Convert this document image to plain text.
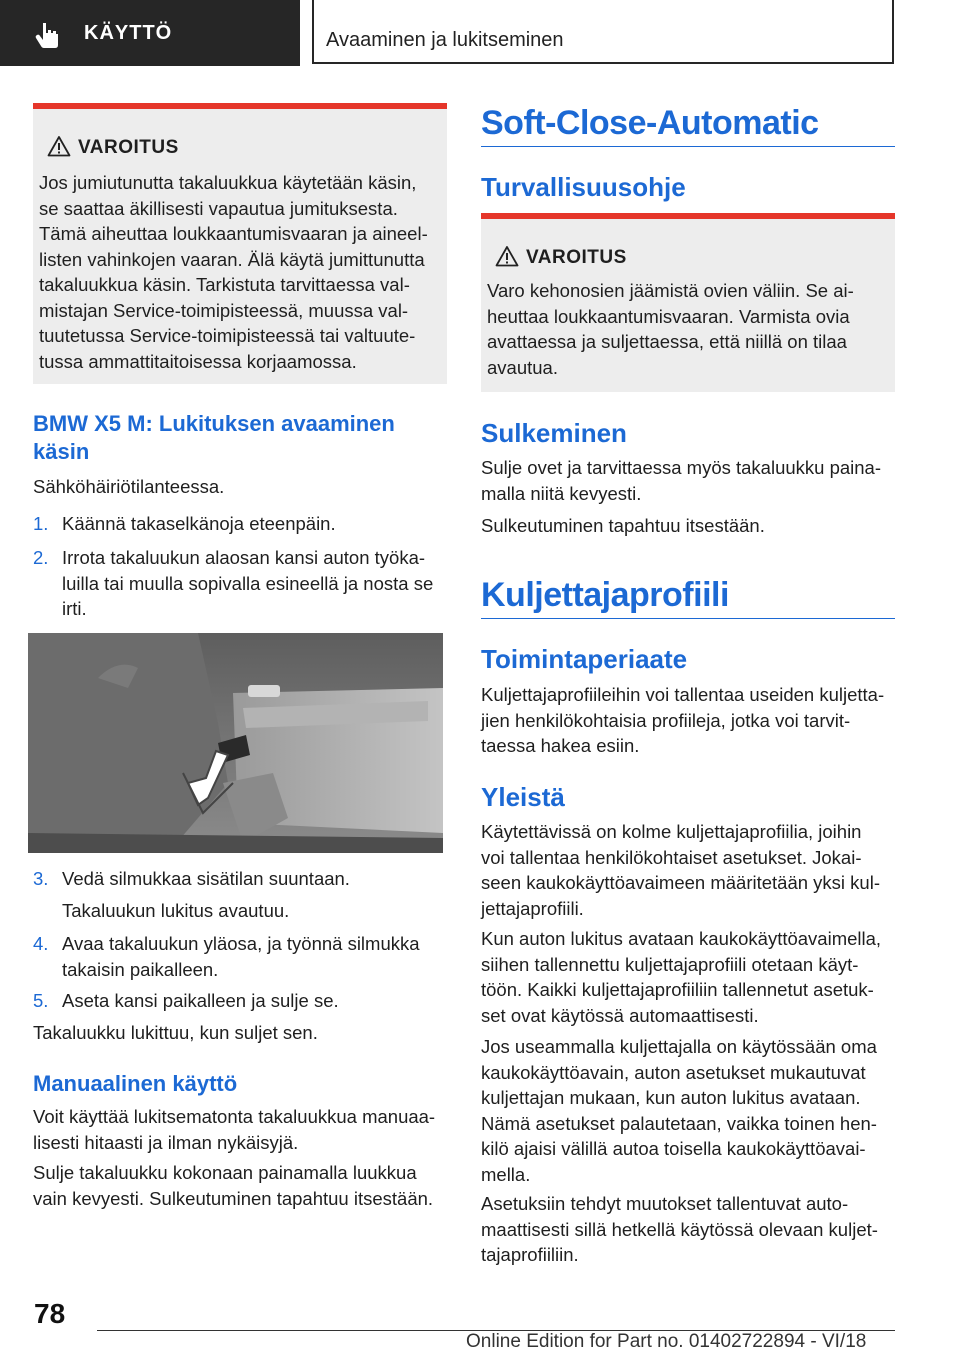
KÄYTTÖ	Avaaminen ja lukitseminen
VAROITUS
Jos jumiutunutta takaluukkua käytetään käsin,
se saattaa äkillisesti vapautua jumituksesta.
Tämä aiheuttaa loukkaantumisvaaran ja aineel-
listen vahinkojen vaaran. Älä käytä jumittunutta
takaluukkua käsin. Tarkistuta tarvittaessa val-
mistajan Service-toimipisteessä, muussa val-
tuutetussa Service-toimipisteessä tai valtuute-
tussa ammattitaitoisessa korjaamossa.
BMW X5 M: Lukituksen avaaminen
käsin
Sähköhäiriötilanteessa.
1. Käännä takaselkänoja eteenpäin.
2. Irrota takaluukun alaosan kansi auton työka-
luilla tai muulla sopivalla esineellä ja nosta se
irti.
3. Vedä silmukkaa sisätilan suuntaan.
Takaluukun lukitus avautuu.
4. Avaa takaluukun yläosa, ja työnnä silmukka
takaisin paikalleen.
5. Aseta kansi paikalleen ja sulje se.
Takaluukku lukittuu, kun suljet sen.
Manuaalinen käyttö
Voit käyttää lukitsematonta takaluukkua manuaa-
lisesti hitaasti ja ilman nykäisyjä.
Sulje takaluukku kokonaan painamalla luukkua
vain kevyesti. Sulkeutuminen tapahtuu itsestään.
Soft-Close-Automatic
Turvallisuusohje
VAROITUS
Varo kehonosien jäämistä ovien väliin. Se ai-
heuttaa loukkaantumisvaaran. Varmista ovia
avattaessa ja suljettaessa, että niillä on tilaa
avautua.
Sulkeminen
Sulje ovet ja tarvittaessa myös takaluukku paina-
malla niitä kevyesti.
Sulkeutuminen tapahtuu itsestään.
Kuljettajaprofiili
Toimintaperiaate
Kuljettajaprofiileihin voi tallentaa useiden kuljetta-
jien henkilökohtaisia profiileja, jotka voi tarvit-
taessa hakea esiin.
Yleistä
Käytettävissä on kolme kuljettajaprofiilia, joihin
voi tallentaa henkilökohtaiset asetukset. Jokai-
seen kaukokäyttöavaimeen määritetään yksi kul-
jettajaprofiili.
Kun auton lukitus avataan kaukokäyttöavaimella,
siihen tallennettu kuljettajaprofiili otetaan käyt-
töön. Kaikki kuljettajaprofiiliin tallennetut asetuk-
set ovat käytössä automaattisesti.
Jos useammalla kuljettajalla on käytössään oma
kaukokäyttöavain, auton asetukset mukautuvat
kuljettajan mukaan, kun auton lukitus avataan.
Nämä asetukset palautetaan, vaikka toinen hen-
kilö ajaisi välillä autoa toisella kaukokäyttöavai-
mella.
Asetuksiin tehdyt muutokset tallentuvat auto-
maattisesti sillä hetkellä käytössä olevaan kuljet-
tajaprofiiliin.
78
Online Edition for Part no. 01402722894 - VI/18
